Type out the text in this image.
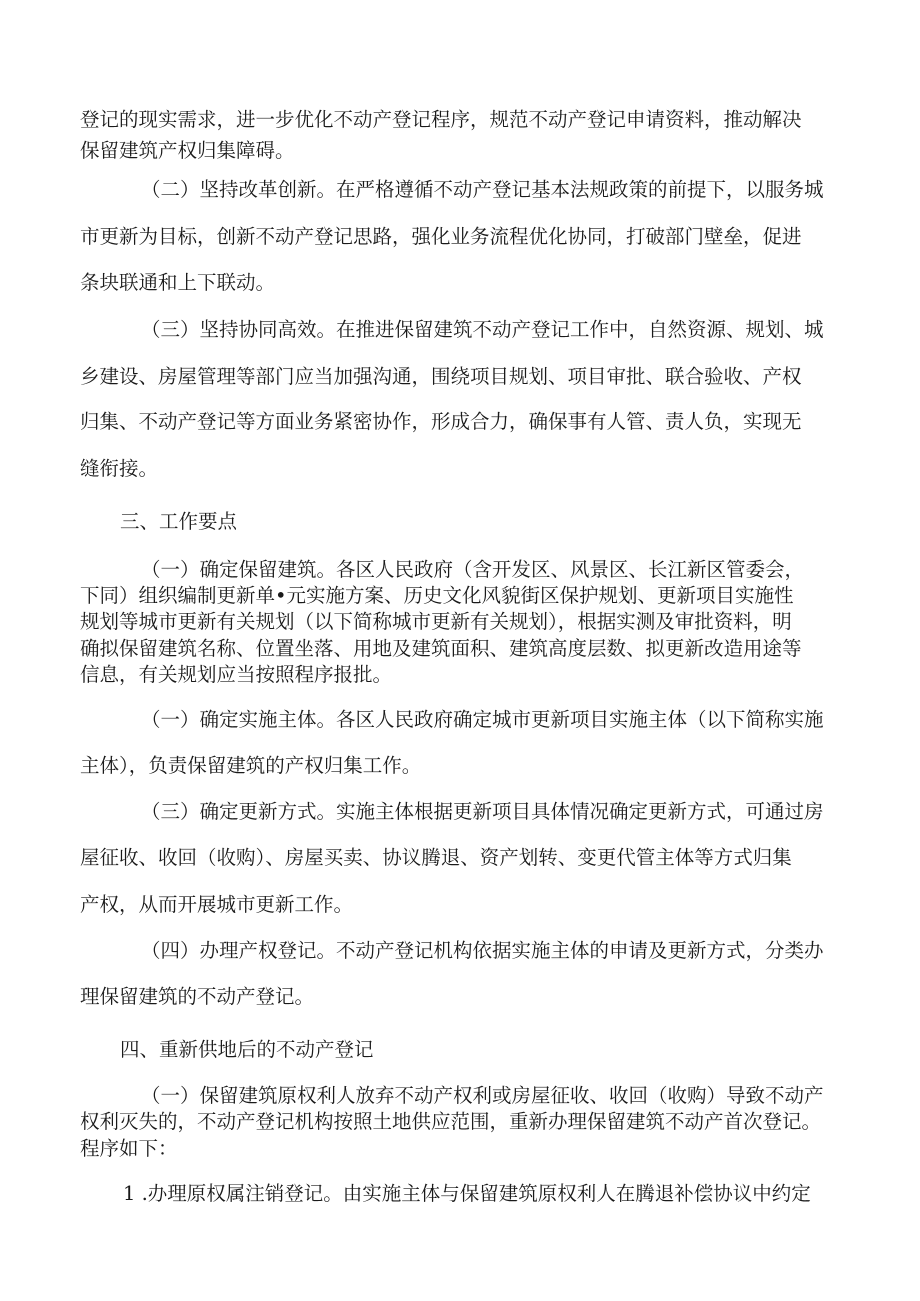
登记的现实需求，进一步优化不动产登记程序，规范不动产登记申请资料，推动解决
保留建筑产权归集障碍。
（二）坚持改革创新。在严格遵循不动产登记基本法规政策的前提下，以服务城
市更新为目标，创新不动产登记思路，强化业务流程优化协同，打破部门壁垒，促进
条块联通和上下联动。
（三）坚持协同高效。在推进保留建筑不动产登记工作中，自然资源、规划、城
乡建设、房屋管理等部门应当加强沟通，围绕项目规划、项目审批、联合验收、产权
归集、不动产登记等方面业务紧密协作，形成合力，确保事有人管、责人负，实现无
缝衔接。
三、工作要点
（一）确定保留建筑。各区人民政府（含开发区、风景区、长江新区管委会，
下同）组织编制更新单•元实施方案、历史文化风貌街区保护规划、更新项目实施性
规划等城市更新有关规划（以下简称城市更新有关规划），根据实测及审批资料，明
确拟保留建筑名称、位置坐落、用地及建筑面积、建筑高度层数、拟更新改造用途等
信息，有关规划应当按照程序报批。
（一）确定实施主体。各区人民政府确定城市更新项目实施主体（以下简称实施
主体），负责保留建筑的产权归集工作。
（三）确定更新方式。实施主体根据更新项目具体情况确定更新方式，可通过房
屋征收、收回（收购）、房屋买卖、协议腾退、资产划转、变更代管主体等方式归集
产权，从而开展城市更新工作。
（四）办理产权登记。不动产登记机构依据实施主体的申请及更新方式，分类办
理保留建筑的不动产登记。
四、重新供地后的不动产登记
（一）保留建筑原权利人放弃不动产权利或房屋征收、收回（收购）导致不动产
权利灭失的，不动产登记机构按照土地供应范围，重新办理保留建筑不动产首次登记。
程序如下：
1 .办理原权属注销登记。由实施主体与保留建筑原权利人在腾退补偿协议中约定
